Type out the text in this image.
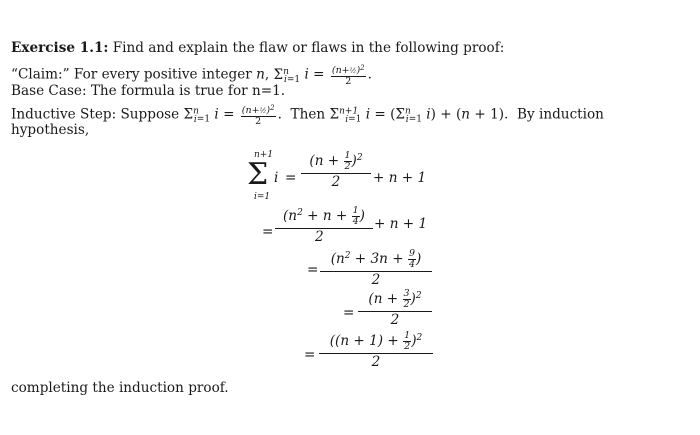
Exercise 1.1: Find and explain the flaw or flaws in the following proof:
“Claim:” For every positive integer n, $\Sigma^n_{i=1}$ $i = \frac{(n+\frac{1}{2})^2}{2}$ .
Base Case: The formula is true for n=1.
Inductive Step: Suppose $\Sigma^n_{i=1}$ $i = \frac{(n+\frac{1}{2})^2}{2}$ .  Then $\Sigma^{n+1}_{i=1}$ $i = (\Sigma^n_{i=1}$ i) + (n + 1).  By induction
hypothesis,
n+1
Σ
i=1
$i = \frac{(n + \frac{1}{2} )^2}{2} + n + 1$
= $\frac{(n^2 + n + \frac{1}{4} )}{2} + n + 1$
= $\frac{(n^2 + 3n + \frac{9}{4} )}{2}$
= $\frac{(n + \frac{3}{2} )^2}{2}$
= $\frac{((n + 1) + \frac{1}{2} )^2}{2}$
completing the induction proof.
